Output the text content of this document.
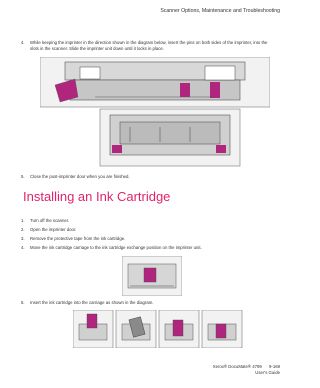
Scanner Options, Maintenance and Troubleshooting
4. While keeping the imprinter in the direction shown in the diagram below, insert the pins on both sides of the imprinter, into the slots in the scanner. Slide the imprinter unit down until it locks in place.
5. Close the post-imprinter door when you are finished.
Installing an Ink Cartridge
1. Turn off the scanner.
2. Open the imprinter door.
3. Remove the protective tape from the ink cartridge.
4. Move the ink cartridge carriage to the ink cartridge exchange position on the imprinter unit.
5. Insert the ink cartridge into the carriage as shown in the diagram.
Xerox® DocuMate® 4799 9-169
User's Guide
